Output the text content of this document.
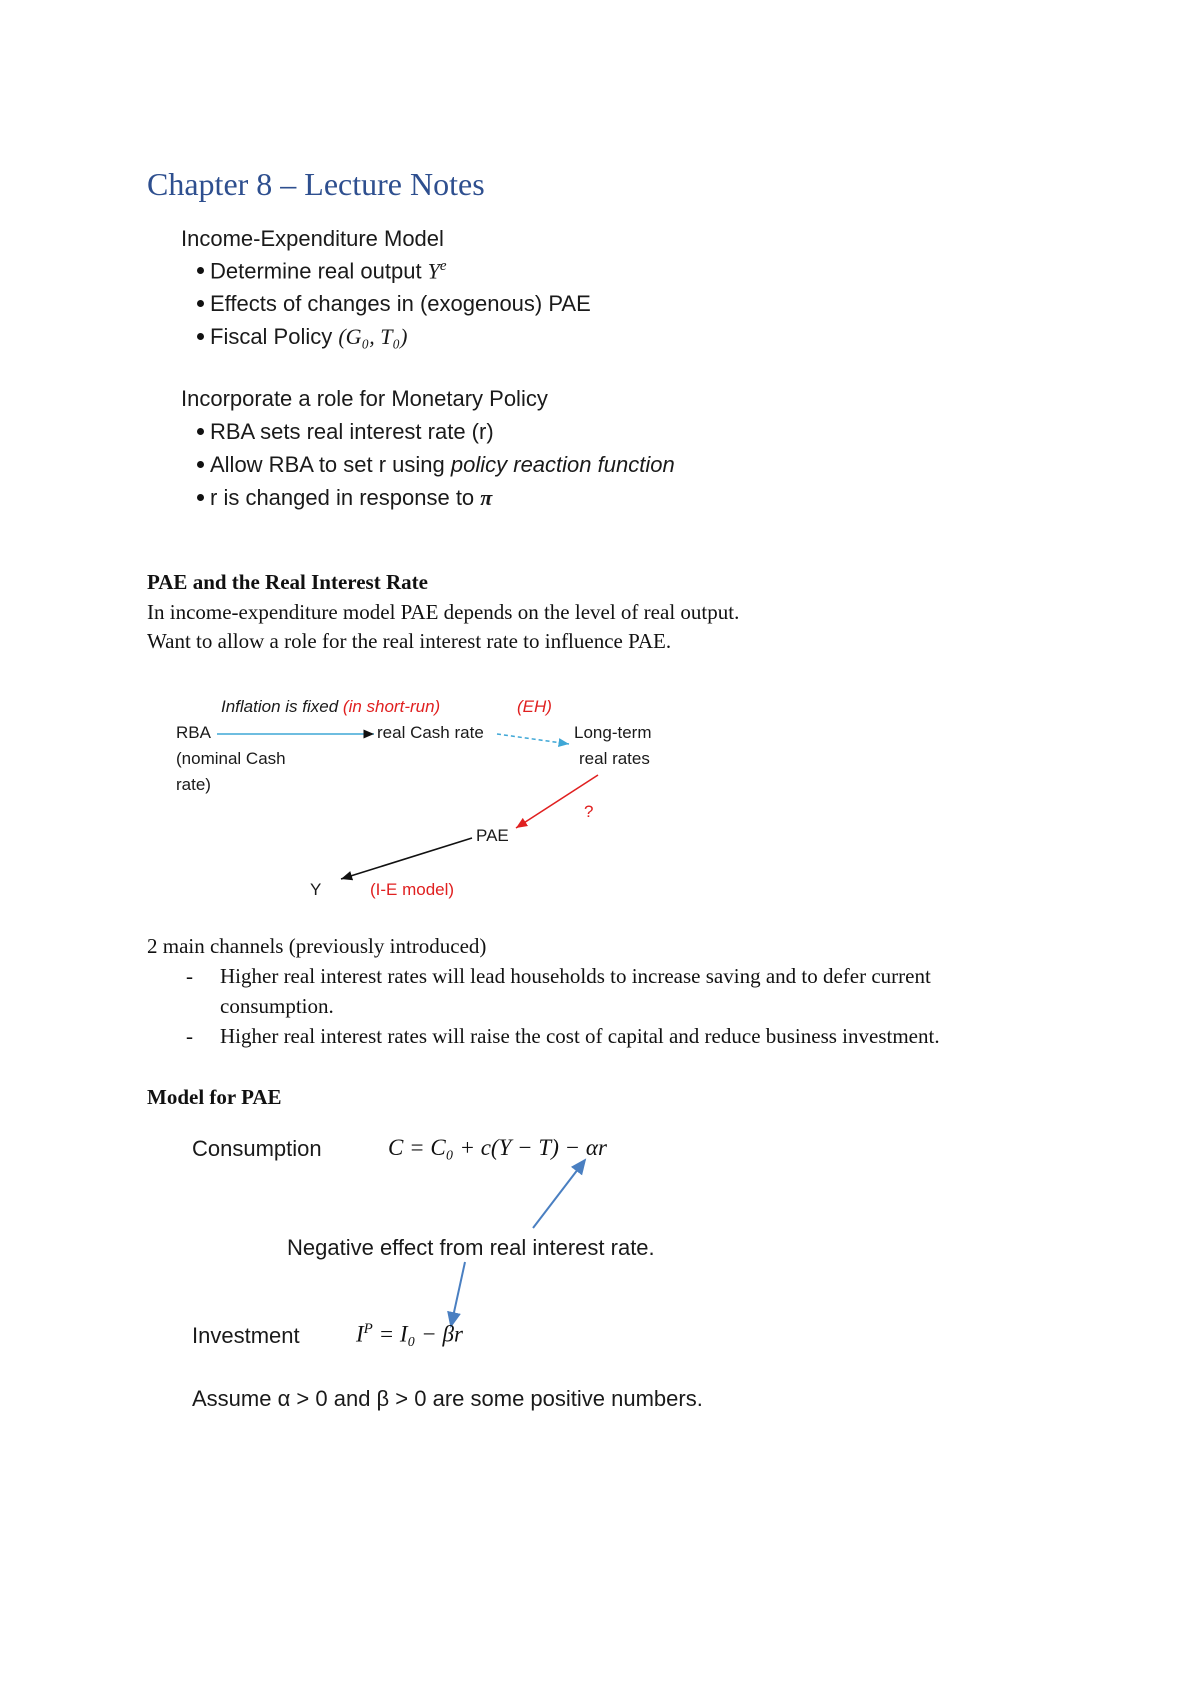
Chapter 8 – Lecture Notes
Income-Expenditure Model
Determine real output $Y^e$
Effects of changes in (exogenous) PAE
Fiscal Policy (G₀, T₀)
Incorporate a role for Monetary Policy
RBA sets real interest rate (r)
Allow RBA to set r using policy reaction function
r is changed in response to π
PAE and the Real Interest Rate
In income-expenditure model PAE depends on the level of real output.
Want to allow a role for the real interest rate to influence PAE.
Inflation is fixed (in short-run)	(EH)
RBA
(nominal Cash
rate)
real Cash rate	Long-term
real rates
?
PAE
Y	(I-E model)
2 main channels (previously introduced)
- Higher real interest rates will lead households to increase saving and to defer current
consumption.
- Higher real interest rates will raise the cost of capital and reduce business investment.
Model for PAE
Consumption	C = C₀ + c(Y − T) − αr
Negative effect from real interest rate.
Investment $I^P = I_0 - \beta r$
Assume α > 0 and β > 0 are some positive numbers.
